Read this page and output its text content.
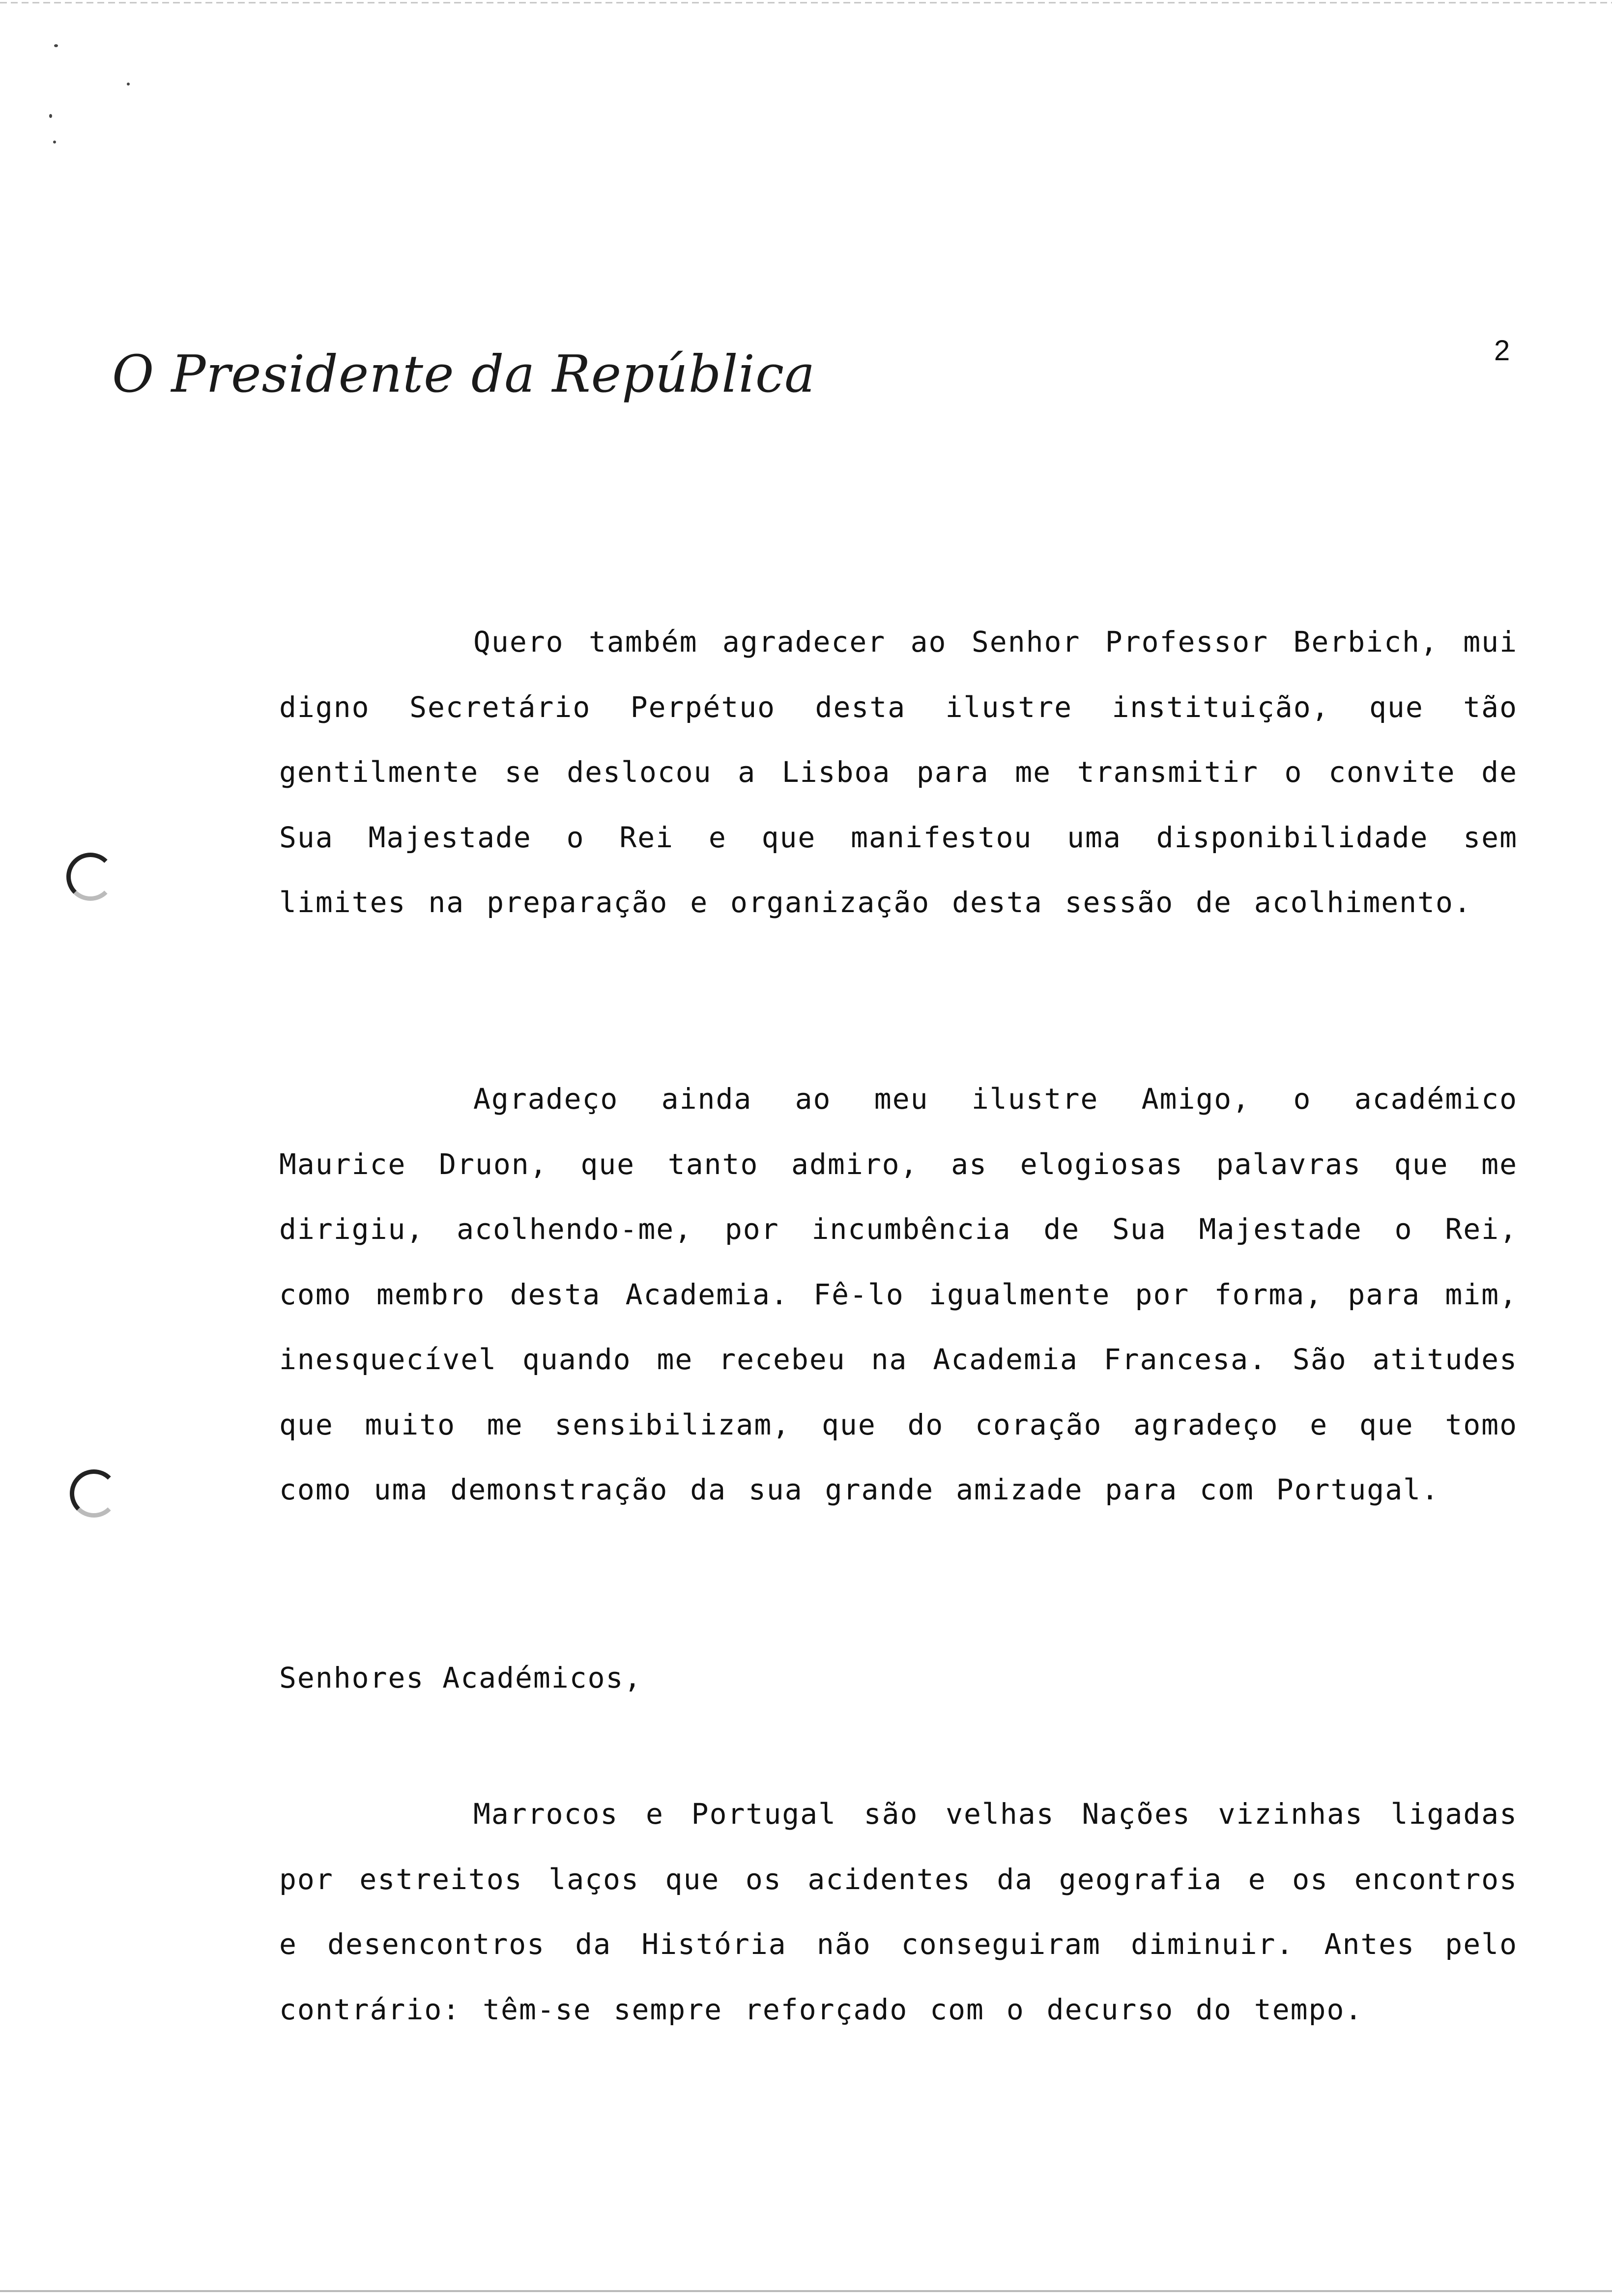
O Presidente da República	2

Quero também agradecer ao Senhor Professor Berbich, mui digno Secretário Perpétuo desta ilustre instituição, que tão gentilmente se deslocou a Lisboa para me transmitir o convite de Sua Majestade o Rei e que manifestou uma disponibilidade sem limites na preparação e organização desta sessão de acolhimento.

Agradeço ainda ao meu ilustre Amigo, o académico Maurice Druon, que tanto admiro, as elogiosas palavras que me dirigiu, acolhendo-me, por incumbência de Sua Majestade o Rei, como membro desta Academia. Fê-lo igualmente por forma, para mim, inesquecível quando me recebeu na Academia Francesa. São atitudes que muito me sensibilizam, que do coração agradeço e que tomo como uma demonstração da sua grande amizade para com Portugal.

Senhores Académicos,

Marrocos e Portugal são velhas Nações vizinhas ligadas por estreitos laços que os acidentes da geografia e os encontros e desencontros da História não conseguiram diminuir. Antes pelo contrário: têm-se sempre reforçado com o decurso do tempo.
